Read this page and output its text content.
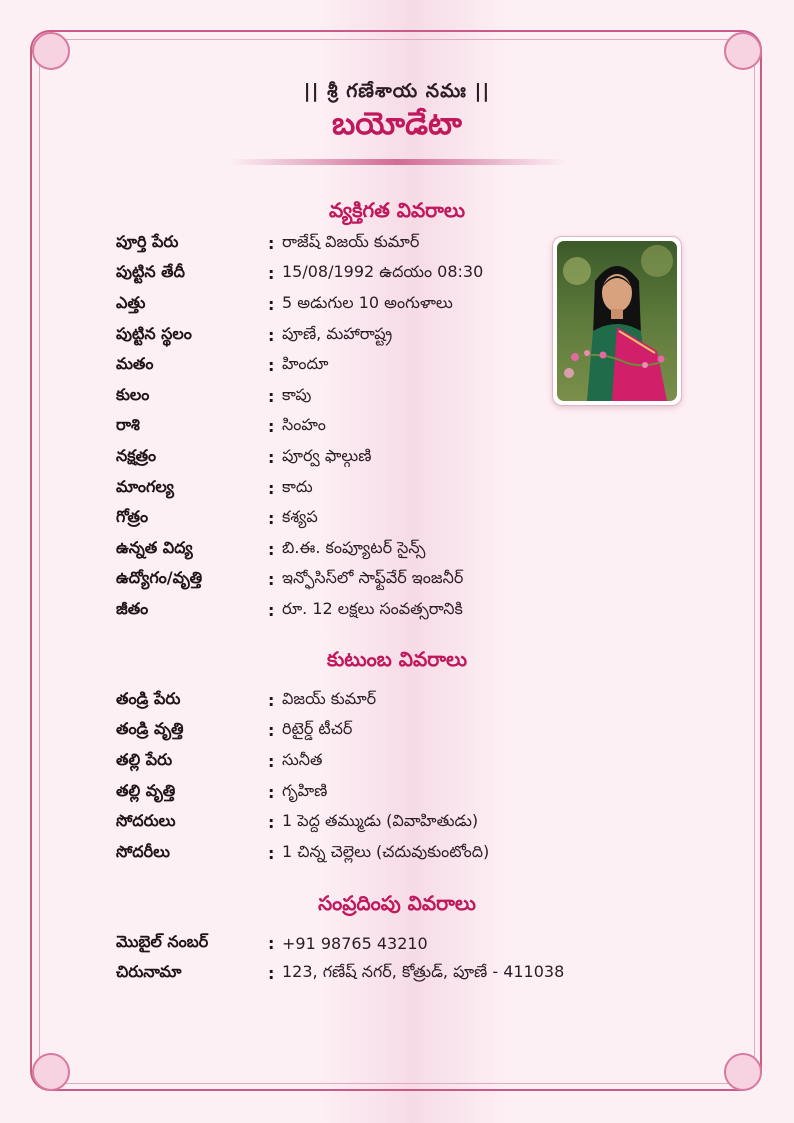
|| శ్రీ గణేశాయ నమః ||
బయోడేటా
వ్యక్తిగత వివరాలు
పూర్తి పేరు	: రాజేష్ విజయ్ కుమార్
పుట్టిన తేదీ	: 15/08/1992 ఉదయం 08:30
ఎత్తు	: 5 అడుగుల 10 అంగుళాలు
పుట్టిన స్థలం	: పూణే, మహారాష్ట్ర
మతం	: హిందూ
కులం	: కాపు
రాశి	: సింహం
నక్షత్రం	: పూర్వ ఫాల్గుణి
మాంగల్య	: కాదు
గోత్రం	: కశ్యప
ఉన్నత విద్య	: బి.ఈ. కంప్యూటర్ సైన్స్
ఉద్యోగం/వృత్తి	: ఇన్ఫోసిస్‌లో సాఫ్ట్‌వేర్ ఇంజనీర్
జీతం	: రూ. 12 లక్షలు సంవత్సరానికి
కుటుంబ వివరాలు
తండ్రి పేరు	: విజయ్ కుమార్
తండ్రి వృత్తి	: రిటైర్డ్ టీచర్
తల్లి పేరు	: సునీత
తల్లి వృత్తి	: గృహిణి
సోదరులు	: 1 పెద్ద తమ్ముడు (వివాహితుడు)
సోదరీలు	: 1 చిన్న చెల్లెలు (చదువుకుంటోంది)
సంప్రదింపు వివరాలు
మొబైల్ నంబర్	: +91 98765 43210
చిరునామా	: 123, గణేష్ నగర్, కోత్రుడ్, పూణే - 411038
